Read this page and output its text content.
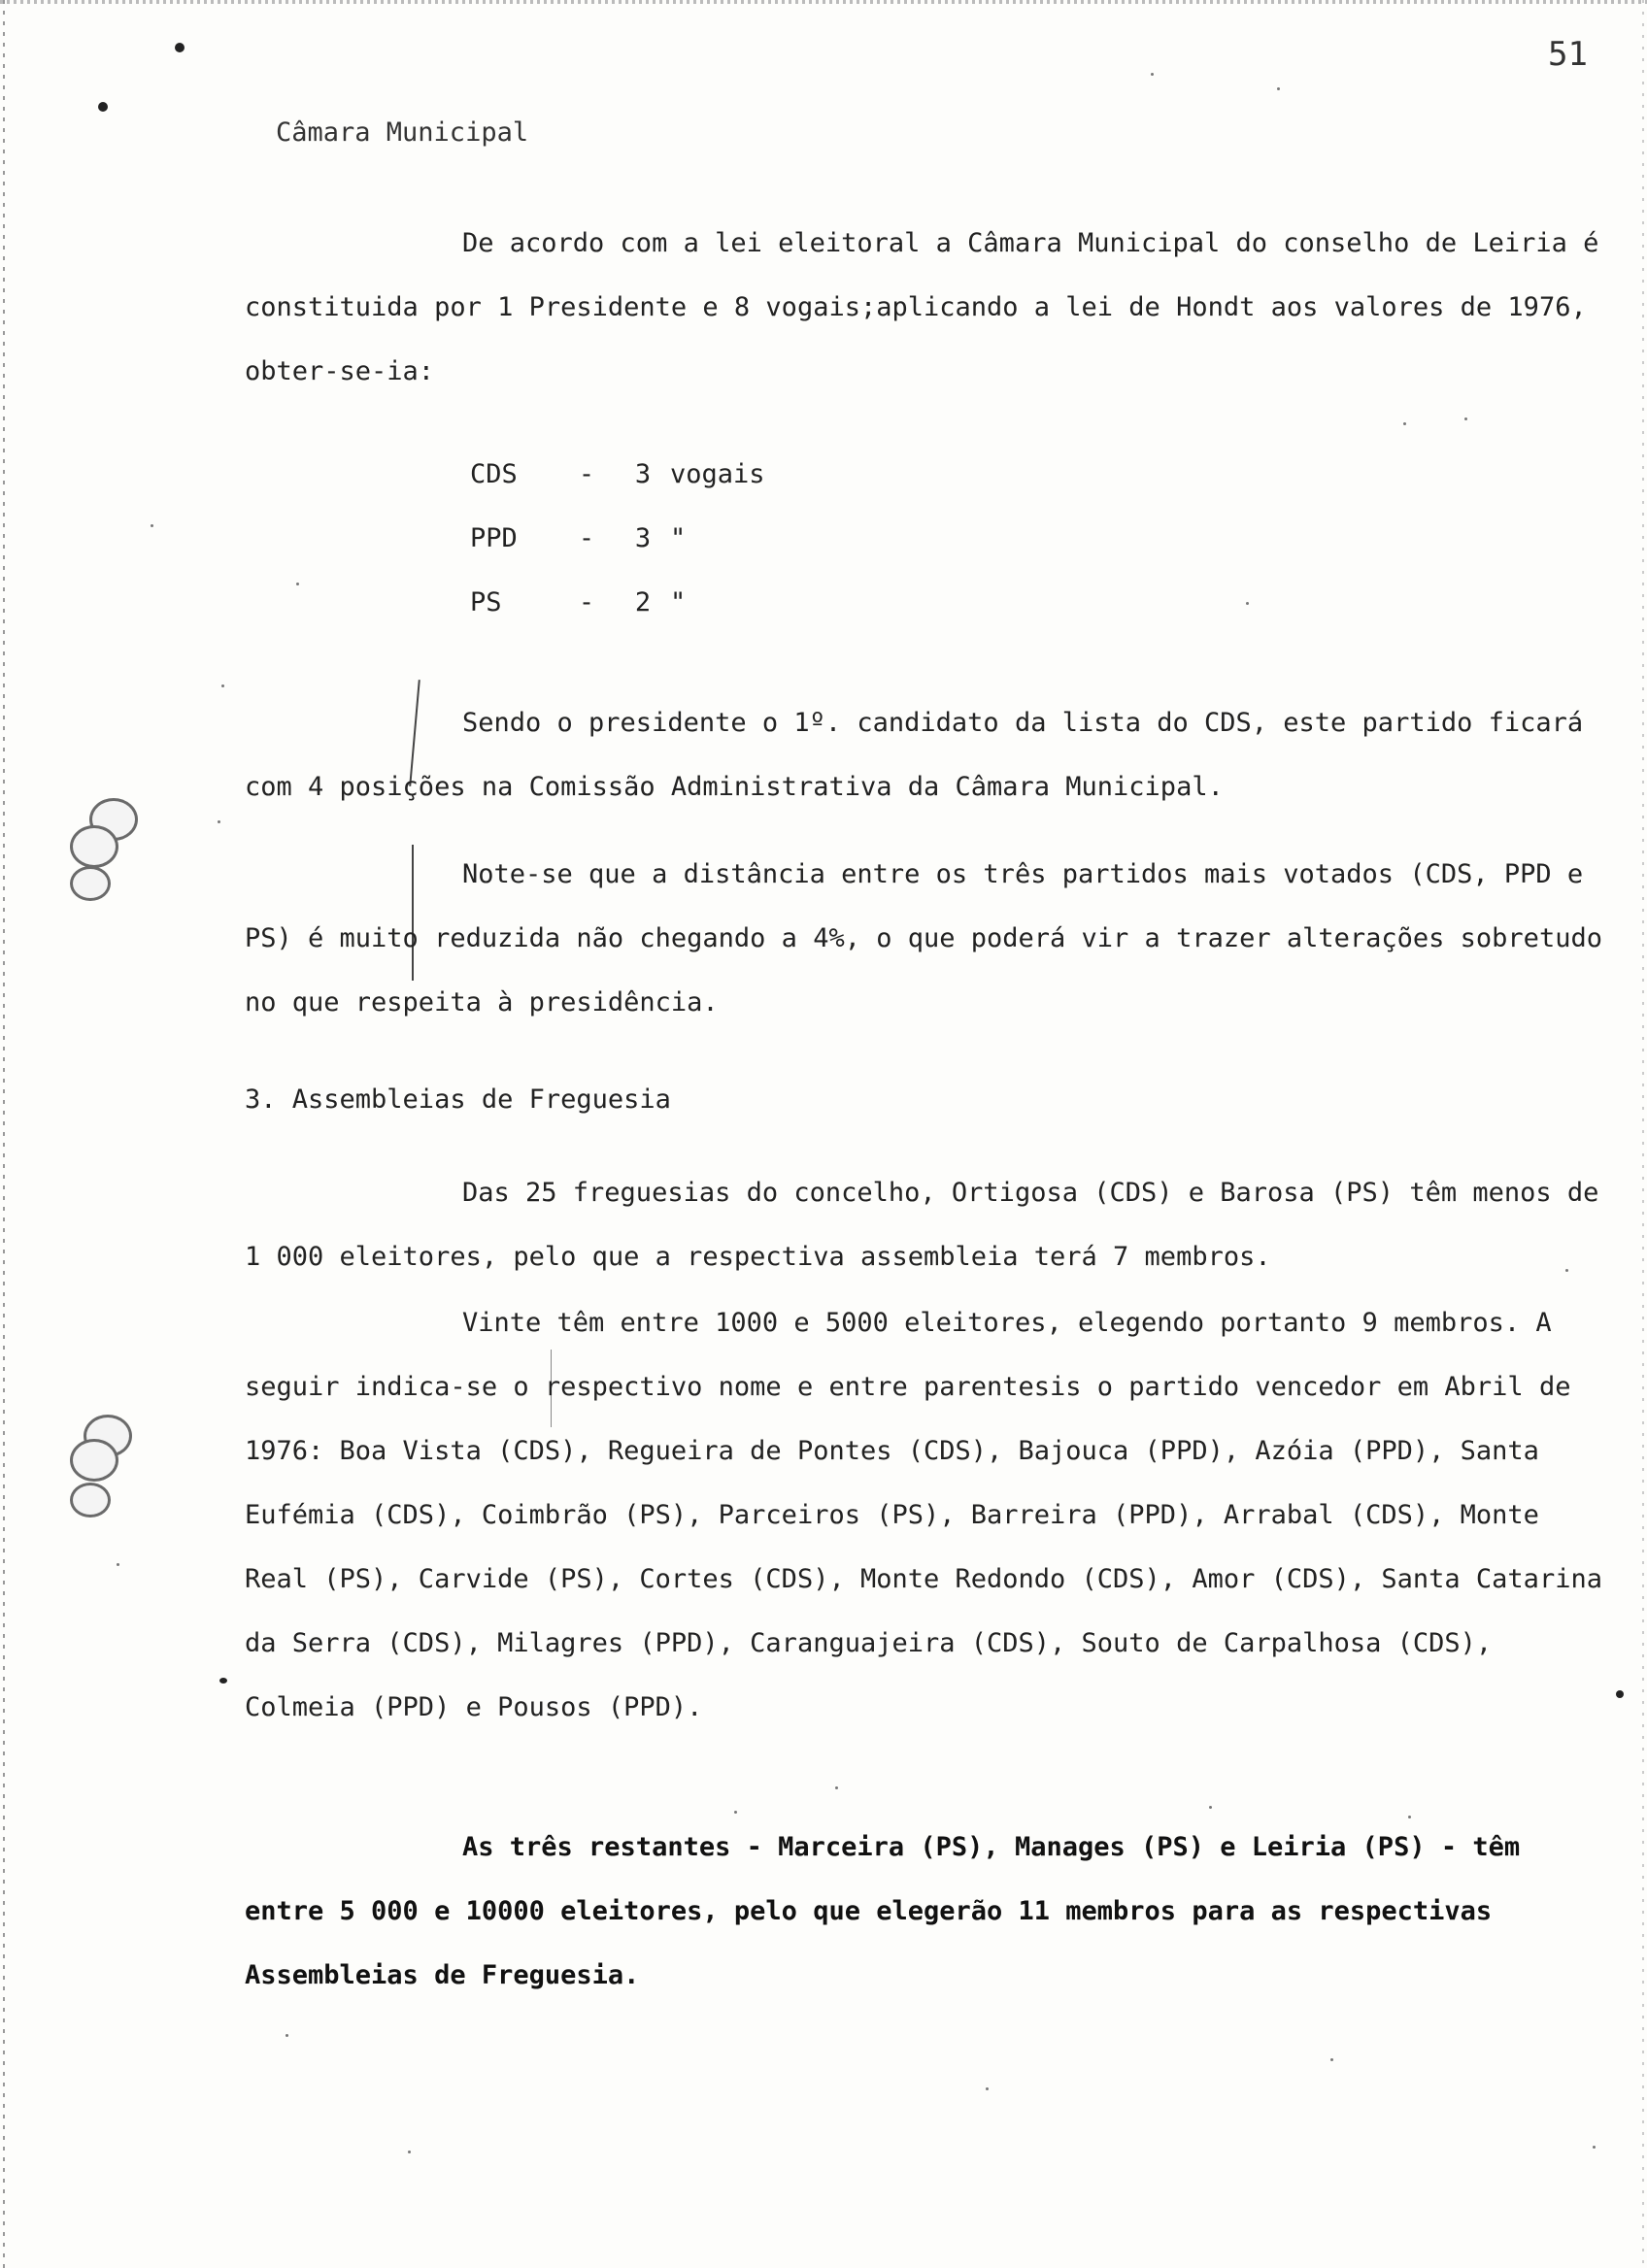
51
Câmara Municipal

De acordo com a lei eleitoral a Câmara Municipal do conselho de Leiria é constituida por 1 Presidente e 8 vogais;aplicando a lei de Hondt aos valores de 1976, obter-se-ia:

CDS	-	3 vogais
PPD	-	3 "
PS	-	2 "

Sendo o presidente o 1º. candidato da lista do CDS, este partido ficará com 4 posições na Comissão Administrativa da Câmara Municipal.

Note-se que a distância entre os três partidos mais votados (CDS, PPD e PS) é muito reduzida não chegando a 4%, o que poderá vir a trazer alterações sobretudo no que respeita à presidência.

3. Assembleias de Freguesia

Das 25 freguesias do concelho, Ortigosa (CDS) e Barosa (PS) têm menos de 1 000 eleitores, pelo que a respectiva assembleia terá 7 membros.

Vinte têm entre 1000 e 5000 eleitores, elegendo portanto 9 membros. A seguir indica-se o respectivo nome e entre parentesis o partido vencedor em Abril de 1976: Boa Vista (CDS), Regueira de Pontes (CDS), Bajouca (PPD), Azóia (PPD), Santa Eufémia (CDS), Coimbrão (PS), Parceiros (PS), Barreira (PPD), Arrabal (CDS), Monte Real (PS), Carvide (PS), Cortes (CDS), Monte Redondo (CDS), Amor (CDS), Santa Catarina da Serra (CDS), Milagres (PPD), Caranguajeira (CDS), Souto de Carpalhosa (CDS), Colmeia (PPD) e Pousos (PPD).

As três restantes - Marceira (PS), Manages (PS) e Leiria (PS) - têm entre 5 000 e 10000 eleitores, pelo que elegerão 11 membros para as respectivas Assembleias de Freguesia.
